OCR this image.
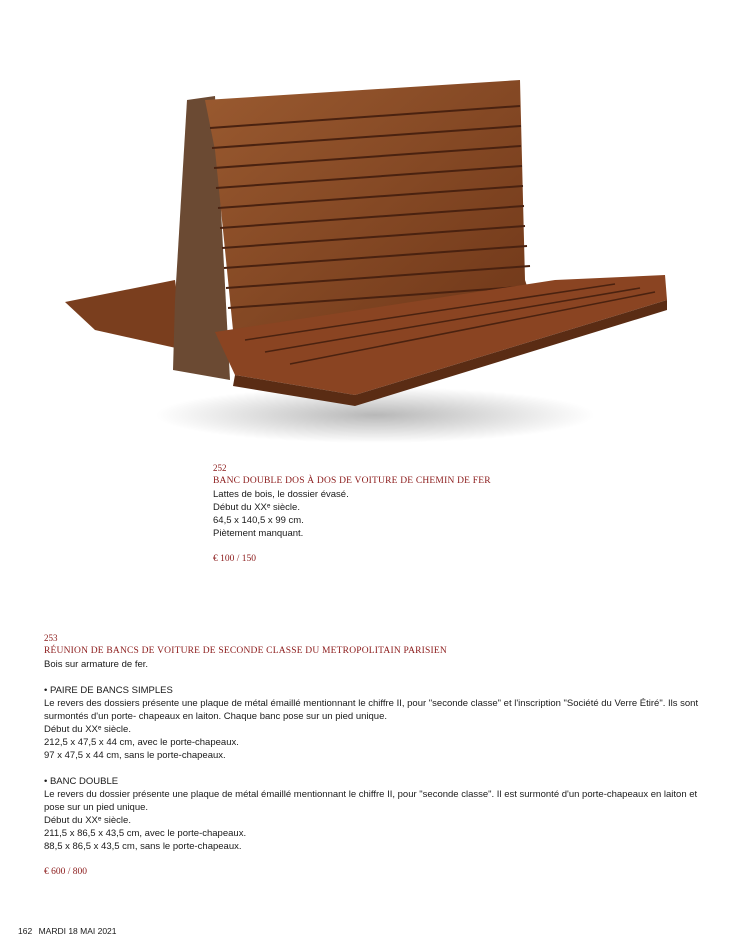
252
BANC DOUBLE DOS À DOS DE VOITURE DE CHEMIN DE FER
Lattes de bois, le dossier évasé.
Début du XXᵉ siècle.
64,5 x 140,5 x 99 cm.
Piètement manquant.
€ 100 / 150
253
RÉUNION DE BANCS DE VOITURE DE SECONDE CLASSE DU METROPOLITAIN PARISIEN
Bois sur armature de fer.
• PAIRE DE BANCS SIMPLES
Le revers des dossiers présente une plaque de métal émaillé mentionnant le chiffre II, pour "seconde classe" et l'inscription "Société du Verre Étiré". Ils sont surmontés d'un porte- chapeaux en laiton. Chaque banc pose sur un pied unique.
Début du XXᵉ siècle.
212,5 x 47,5 x 44 cm, avec le porte-chapeaux.
97 x 47,5 x 44 cm, sans le porte-chapeaux.
• BANC DOUBLE
Le revers du dossier présente une plaque de métal émaillé mentionnant le chiffre II, pour "seconde classe". Il est surmonté d'un porte-chapeaux en laiton et pose sur un pied unique.
Début du XXᵉ siècle.
211,5 x 86,5 x 43,5 cm, avec le porte-chapeaux.
88,5 x 86,5 x 43,5 cm, sans le porte-chapeaux.
€ 600 / 800
162 MARDI 18 MAI 2021
